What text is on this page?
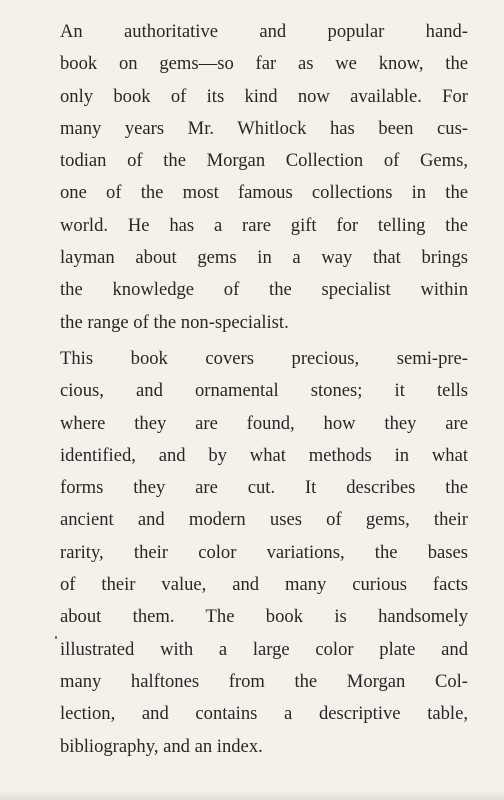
An authoritative and popular hand-
book on gems—so far as we know, the
only book of its kind now available. For
many years Mr. Whitlock has been cus-
todian of the Morgan Collection of Gems,
one of the most famous collections in the
world. He has a rare gift for telling the
layman about gems in a way that brings
the knowledge of the specialist within
the range of the non-specialist.
This book covers precious, semi-pre-
cious, and ornamental stones; it tells
where they are found, how they are
identified, and by what methods in what
forms they are cut. It describes the
ancient and modern uses of gems, their
rarity, their color variations, the bases
of their value, and many curious facts
about them. The book is handsomely
illustrated with a large color plate and
many halftones from the Morgan Col-
lection, and contains a descriptive table,
bibliography, and an index.
